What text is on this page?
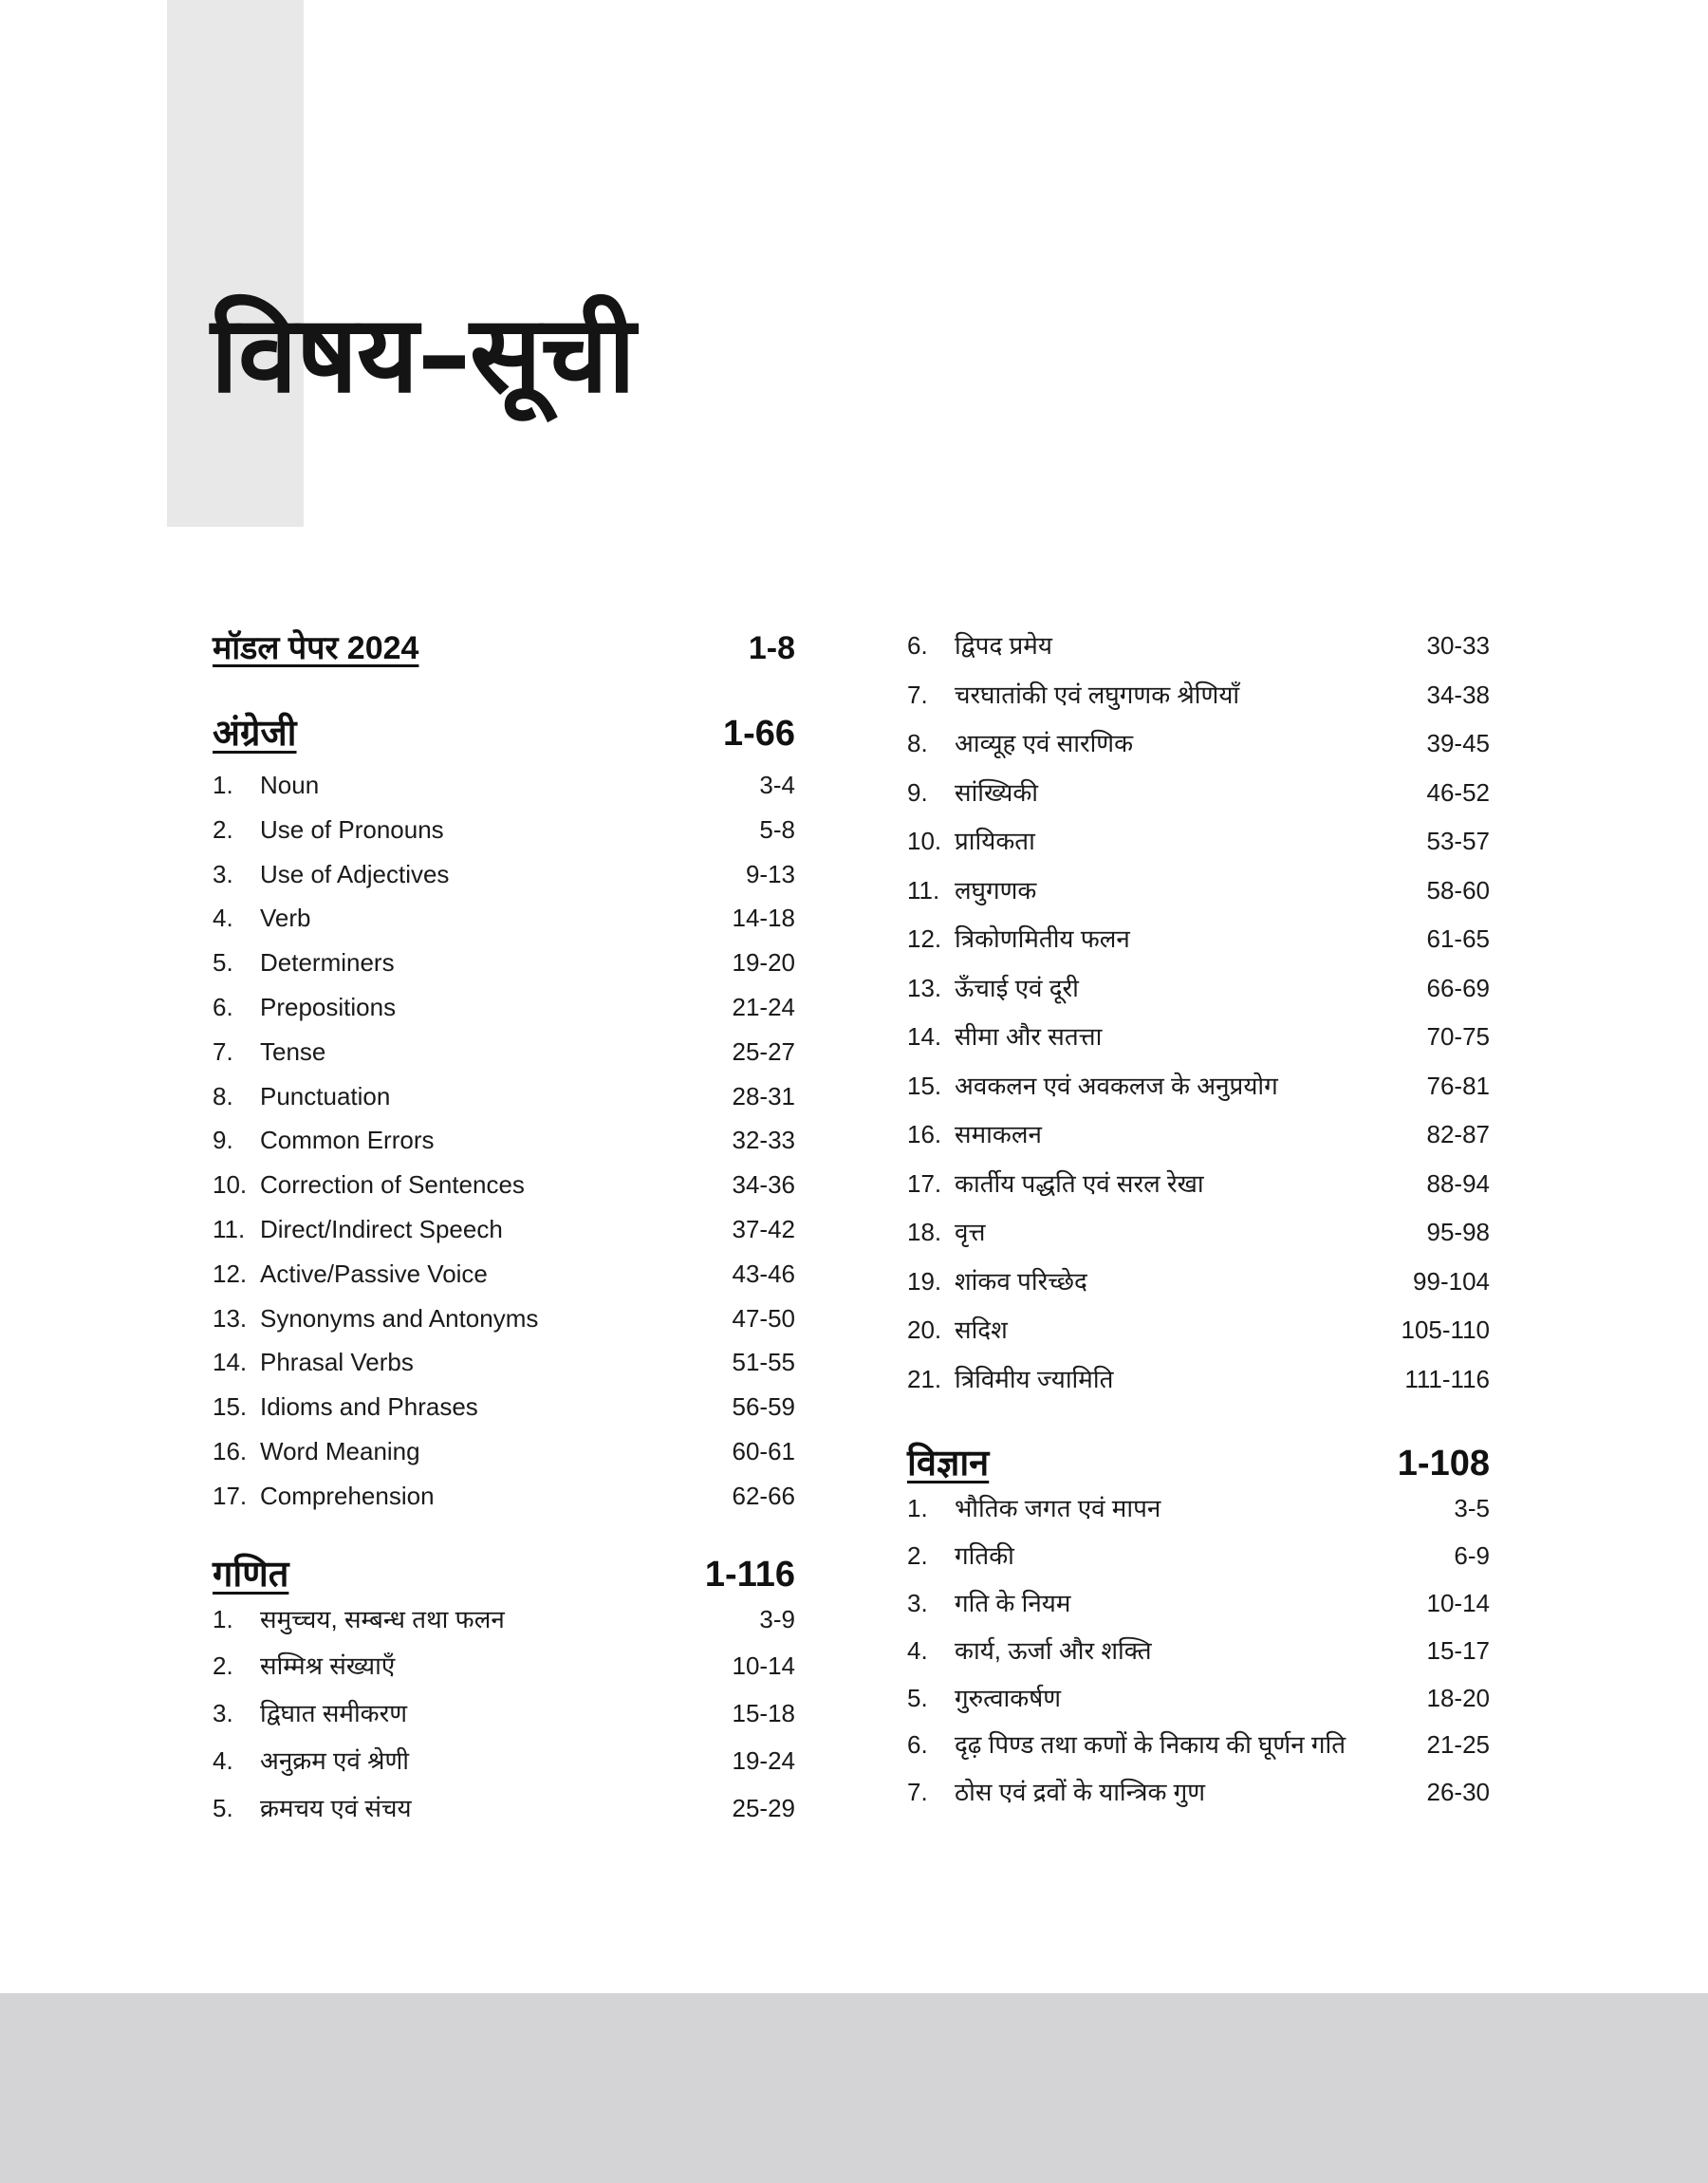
विषय–सूची
मॉडल पेपर 2024	1-8
अंग्रेजी	1-66
1.	Noun	3-4
2.	Use of Pronouns	5-8
3.	Use of Adjectives	9-13
4.	Verb	14-18
5.	Determiners	19-20
6.	Prepositions	21-24
7.	Tense	25-27
8.	Punctuation	28-31
9.	Common Errors	32-33
10. Correction of Sentences	34-36
11. Direct/Indirect Speech	37-42
12. Active/Passive Voice	43-46
13. Synonyms and Antonyms	47-50
14. Phrasal Verbs	51-55
15. Idioms and Phrases	56-59
16. Word Meaning	60-61
17. Comprehension	62-66
गणित	1-116
1.	समुच्चय, सम्बन्ध तथा फलन	3-9
2.	सम्मिश्र संख्याएँ	10-14
3.	द्विघात समीकरण	15-18
4.	अनुक्रम एवं श्रेणी	19-24
5.	क्रमचय एवं संचय	25-29
6.	द्विपद प्रमेय	30-33
7.	चरघातांकी एवं लघुगणक श्रेणियाँ	34-38
8.	आव्यूह एवं सारणिक	39-45
9.	सांख्यिकी	46-52
10. प्रायिकता	53-57
11. लघुगणक	58-60
12. त्रिकोणमितीय फलन	61-65
13. ऊँचाई एवं दूरी	66-69
14. सीमा और सतत्ता	70-75
15. अवकलन एवं अवकलज के अनुप्रयोग	76-81
16. समाकलन	82-87
17. कार्तीय पद्धति एवं सरल रेखा	88-94
18. वृत्त	95-98
19. शांकव परिच्छेद	99-104
20. सदिश	105-110
21. त्रिविमीय ज्यामिति	111-116
विज्ञान	1-108
1.	भौतिक जगत एवं मापन	3-5
2.	गतिकी	6-9
3.	गति के नियम	10-14
4.	कार्य, ऊर्जा और शक्ति	15-17
5.	गुरुत्वाकर्षण	18-20
6.	दृढ़ पिण्ड तथा कणों के निकाय की घूर्णन गति	21-25
7.	ठोस एवं द्रवों के यान्त्रिक गुण	26-30
